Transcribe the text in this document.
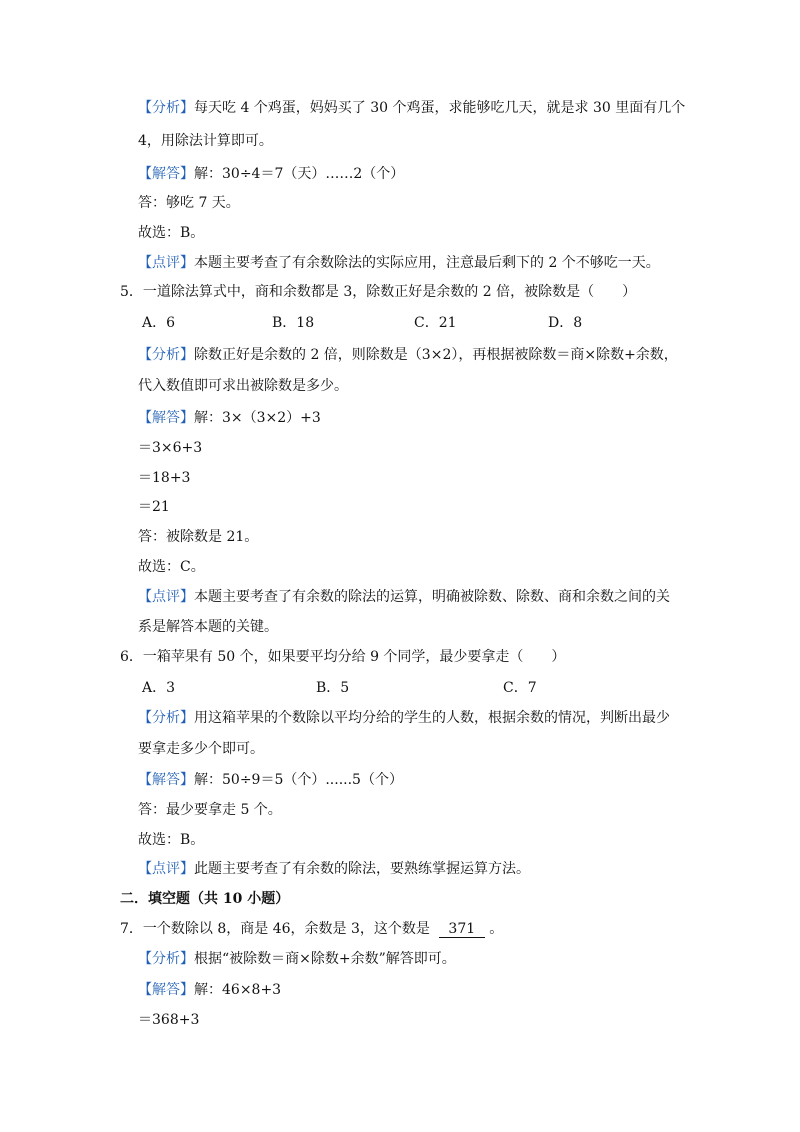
【分析】每天吃 4 个鸡蛋，妈妈买了 30 个鸡蛋，求能够吃几天，就是求 30 里面有几个
4，用除法计算即可。
【解答】解：30÷4＝7（天）……2（个）
答：够吃 7 天。
故选：B。
【点评】本题主要考查了有余数除法的实际应用，注意最后剩下的 2 个不够吃一天。
5．一道除法算式中，商和余数都是 3，除数正好是余数的 2 倍，被除数是（　　）
A．6	B．18	C．21	D．8
【分析】除数正好是余数的 2 倍，则除数是（3×2），再根据被除数＝商×除数+余数，
代入数值即可求出被除数是多少。
【解答】解：3×（3×2）+3
＝3×6+3
＝18+3
＝21
答：被除数是 21。
故选：C。
【点评】本题主要考查了有余数的除法的运算，明确被除数、除数、商和余数之间的关
系是解答本题的关键。
6．一箱苹果有 50 个，如果要平均分给 9 个同学，最少要拿走（　　）
A．3	B．5	C．7
【分析】用这箱苹果的个数除以平均分给的学生的人数，根据余数的情况，判断出最少
要拿走多少个即可。
【解答】解：50÷9＝5（个）......5（个）
答：最少要拿走 5 个。
故选：B。
【点评】此题主要考查了有余数的除法，要熟练掌握运算方法。
二．填空题（共 10 小题）
7．一个数除以 8，商是 46，余数是 3，这个数是 371 。
【分析】根据“被除数＝商×除数+余数”解答即可。
【解答】解：46×8+3
＝368+3
